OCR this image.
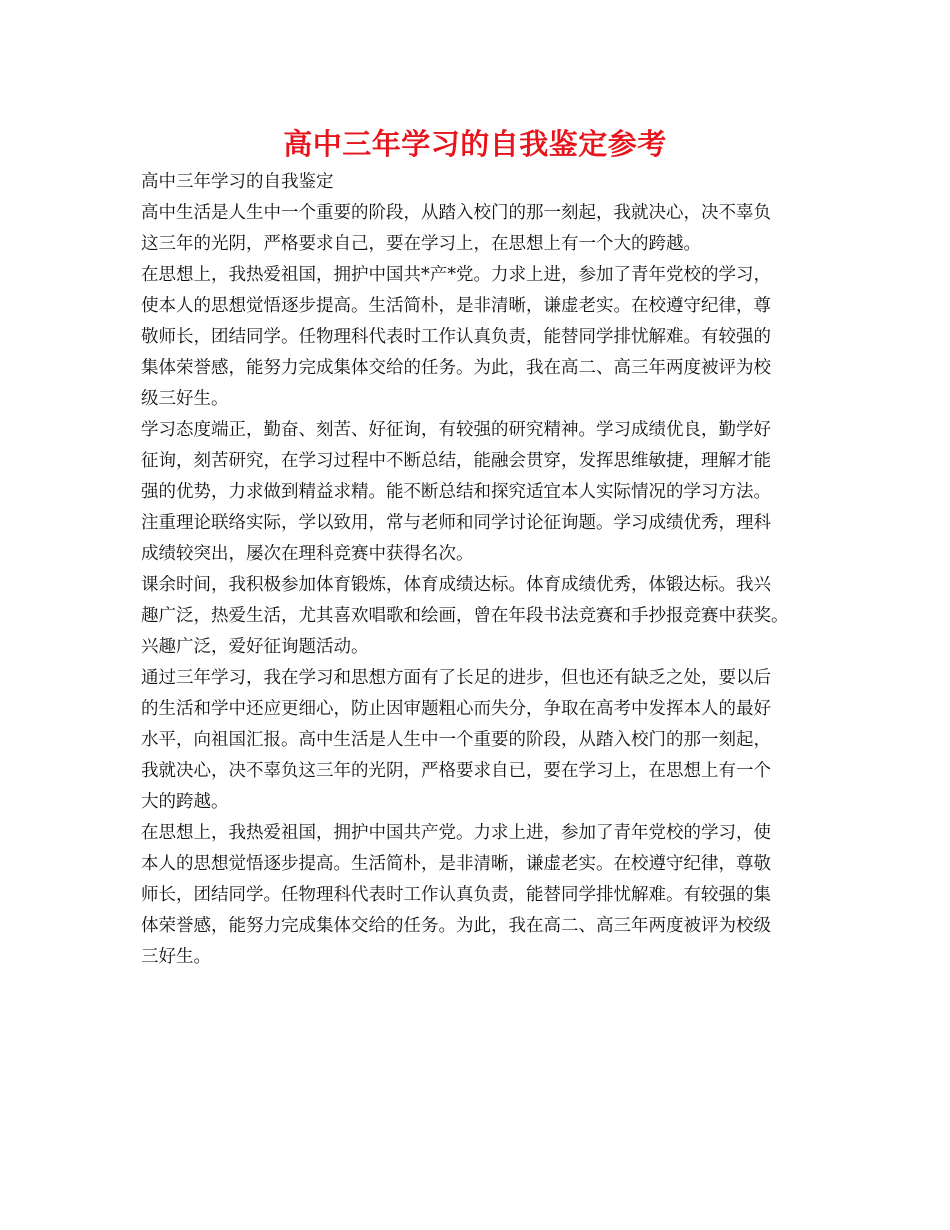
高中三年学习的自我鉴定参考

高中三年学习的自我鉴定

高中生活是人生中一个重要的阶段，从踏入校门的那一刻起，我就决心，决不辜负

这三年的光阴，严格要求自己，要在学习上，在思想上有一个大的跨越。

在思想上，我热爱祖国，拥护中国共*产*党。力求上进，参加了青年党校的学习，

使本人的思想觉悟逐步提高。生活简朴，是非清晰，谦虚老实。在校遵守纪律，尊

敬师长，团结同学。任物理科代表时工作认真负责，能替同学排忧解难。有较强的

集体荣誉感，能努力完成集体交给的任务。为此，我在高二、高三年两度被评为校

级三好生。

学习态度端正，勤奋、刻苦、好征询，有较强的研究精神。学习成绩优良，勤学好

征询，刻苦研究，在学习过程中不断总结，能融会贯穿，发挥思维敏捷，理解才能

强的优势，力求做到精益求精。能不断总结和探究适宜本人实际情况的学习方法。

注重理论联络实际，学以致用，常与老师和同学讨论征询题。学习成绩优秀，理科

成绩较突出，屡次在理科竞赛中获得名次。

课余时间，我积极参加体育锻炼，体育成绩达标。体育成绩优秀，体锻达标。我兴

趣广泛，热爱生活，尤其喜欢唱歌和绘画，曾在年段书法竞赛和手抄报竞赛中获奖。

兴趣广泛，爱好征询题活动。

通过三年学习，我在学习和思想方面有了长足的进步，但也还有缺乏之处，要以后

的生活和学中还应更细心，防止因审题粗心而失分，争取在高考中发挥本人的最好

水平，向祖国汇报。高中生活是人生中一个重要的阶段，从踏入校门的那一刻起，

我就决心，决不辜负这三年的光阴，严格要求自已，要在学习上，在思想上有一个

大的跨越。

在思想上，我热爱祖国，拥护中国共产党。力求上进，参加了青年党校的学习，使

本人的思想觉悟逐步提高。生活简朴，是非清晰，谦虚老实。在校遵守纪律，尊敬

师长，团结同学。任物理科代表时工作认真负责，能替同学排忧解难。有较强的集

体荣誉感，能努力完成集体交给的任务。为此，我在高二、高三年两度被评为校级

三好生。
